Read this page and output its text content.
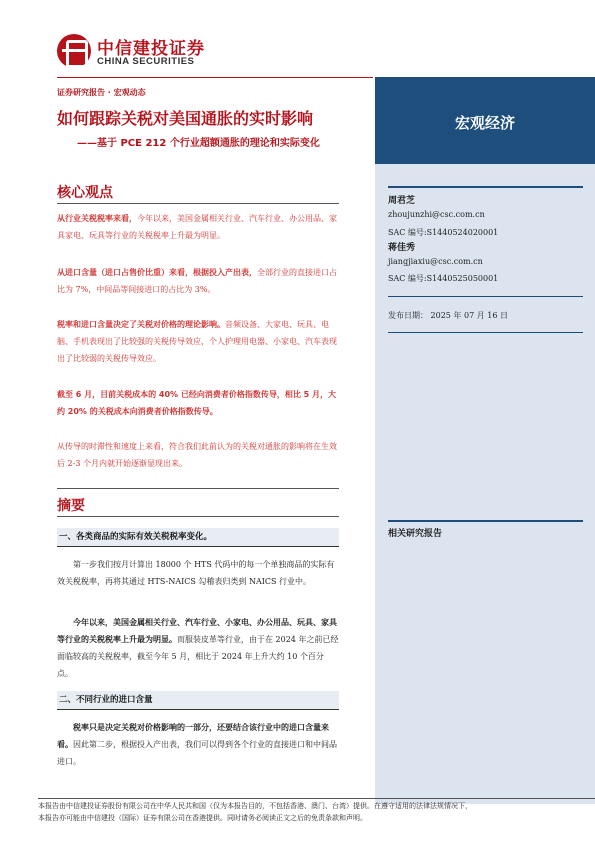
中信建投证券
CHINA SECURITIES
证券研究报告 · 宏观动态
如何跟踪关税对美国通胀的实时影响
——基于 PCE 212 个行业超额通胀的理论和实际变化
宏观经济
周君芝
zhoujunzhi@csc.com.cn
SAC 编号:S1440524020001
蒋佳秀
jiangjiaxiu@csc.com.cn
SAC 编号:S1440525050001
发布日期： 2025 年 07 月 16 日
相关研究报告
核心观点
从行业关税税率来看，今年以来，美国金属相关行业、汽车行业、办公用品、家具家电、玩具等行业的关税税率上升最为明显。
从进口含量（进口占售价比重）来看，根据投入产出表，全部行业的直接进口占比为 7%，中间品等间接进口的占比为 3%。
税率和进口含量决定了关税对价格的理论影响。音频设备、大家电、玩具、电脑、手机表现出了比较强的关税传导效应，个人护理用电器、小家电、汽车表现出了比较弱的关税传导效应。
截至 6 月，目前关税成本的 40% 已经向消费者价格指数传导，相比 5 月，大约 20% 的关税成本向消费者价格指数传导。
从传导的时滞性和速度上来看，符合我们此前认为的关税对通胀的影响将在生效后 2-3 个月内就开始逐渐显现出来。
摘要
一、各类商品的实际有效关税税率变化。
第一步我们按月计算出 18000 个 HTS 代码中的每一个单独商品的实际有效关税税率，再将其通过 HTS-NAICS 勾稽表归类到 NAICS 行业中。
今年以来，美国金属相关行业、汽车行业、小家电、办公用品、玩具、家具等行业的关税税率上升最为明显。而服装皮革等行业，由于在 2024 年之前已经面临较高的关税税率，截至今年 5 月，相比于 2024 年上升大约 10 个百分点。
二、不同行业的进口含量
税率只是决定关税对价格影响的一部分，还要结合该行业中的进口含量来看。因此第二步，根据投入产出表，我们可以得到各个行业的直接进口和中间品进口。
本报告由中信建投证券股份有限公司在中华人民共和国（仅为本报告目的，不包括香港、澳门、台湾）提供。在遵守适用的法律法规情况下，
本报告亦可能由中信建投（国际）证券有限公司在香港提供。同时请务必阅读正文之后的免责条款和声明。
